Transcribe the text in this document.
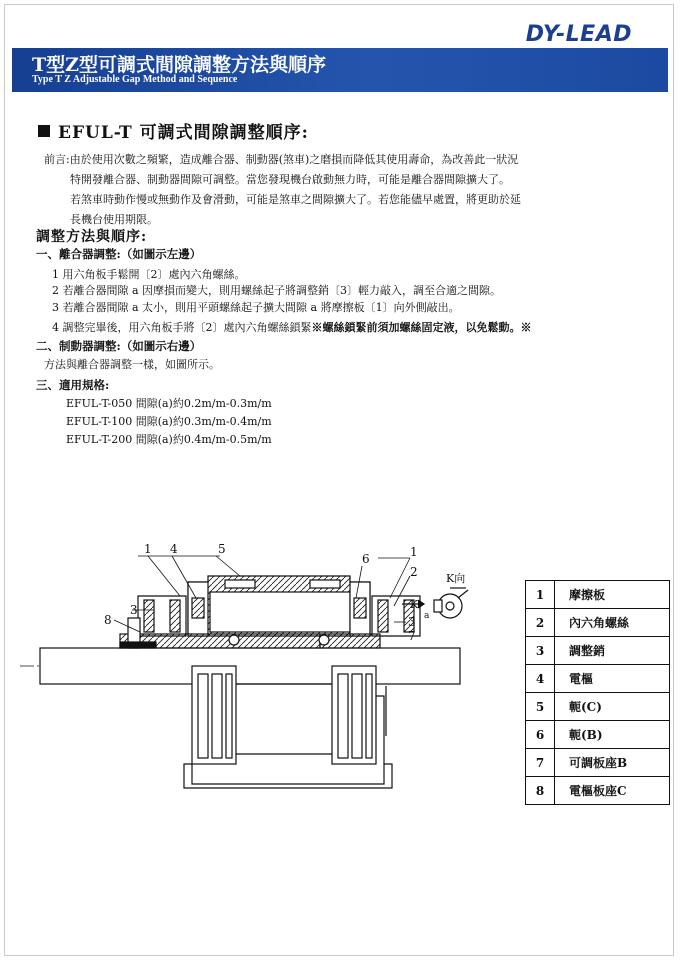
DY-LEAD
T型Z型可調式間隙調整方法與順序
Type T Z Adjustable Gap Method and Sequence
EFUL-T 可調式間隙調整順序:
前言:由於使用次數之頻繁，造成離合器、制動器(煞車)之磨損而降低其使用壽命，為改善此一狀況
特開發離合器、制動器間隙可調整。當您發現機台啟動無力時，可能是離合器間隙擴大了。
若煞車時動作慢或無動作及會滑動，可能是煞車之間隙擴大了。若您能儘早處置，將更助於延
長機台使用期限。
調整方法與順序:
一、離合器調整:（如圖示左邊）
1 用六角板手鬆開〔2〕處內六角螺絲。
2 若離合器間隙 a 因摩損而變大，則用螺絲起子將調整銷〔3〕輕力敲入，調至合適之間隙。
3 若離合器間隙 a 太小，則用平頭螺絲起子擴大間隙 a 將摩擦板〔1〕向外側敲出。
4 調整完畢後，用六角板手將〔2〕處內六角螺絲鎖緊※螺絲鎖緊前須加螺絲固定液，以免鬆動。※
二、制動器調整:（如圖示右邊）
方法與離合器調整一樣，如圖所示。
三、適用規格:
EFUL-T-050 間隙(a)約0.2m/m-0.3m/m
EFUL-T-100 間隙(a)約0.3m/m-0.4m/m
EFUL-T-200 間隙(a)約0.4m/m-0.5m/m
1 4	5
6	1
2
3
3
8
7
K向
K
a
1	摩擦板
2	內六角螺絲
3	調整銷
4	電樞
5	軛(C)
6	軛(B)
7	可調板座B
8	電樞板座C
